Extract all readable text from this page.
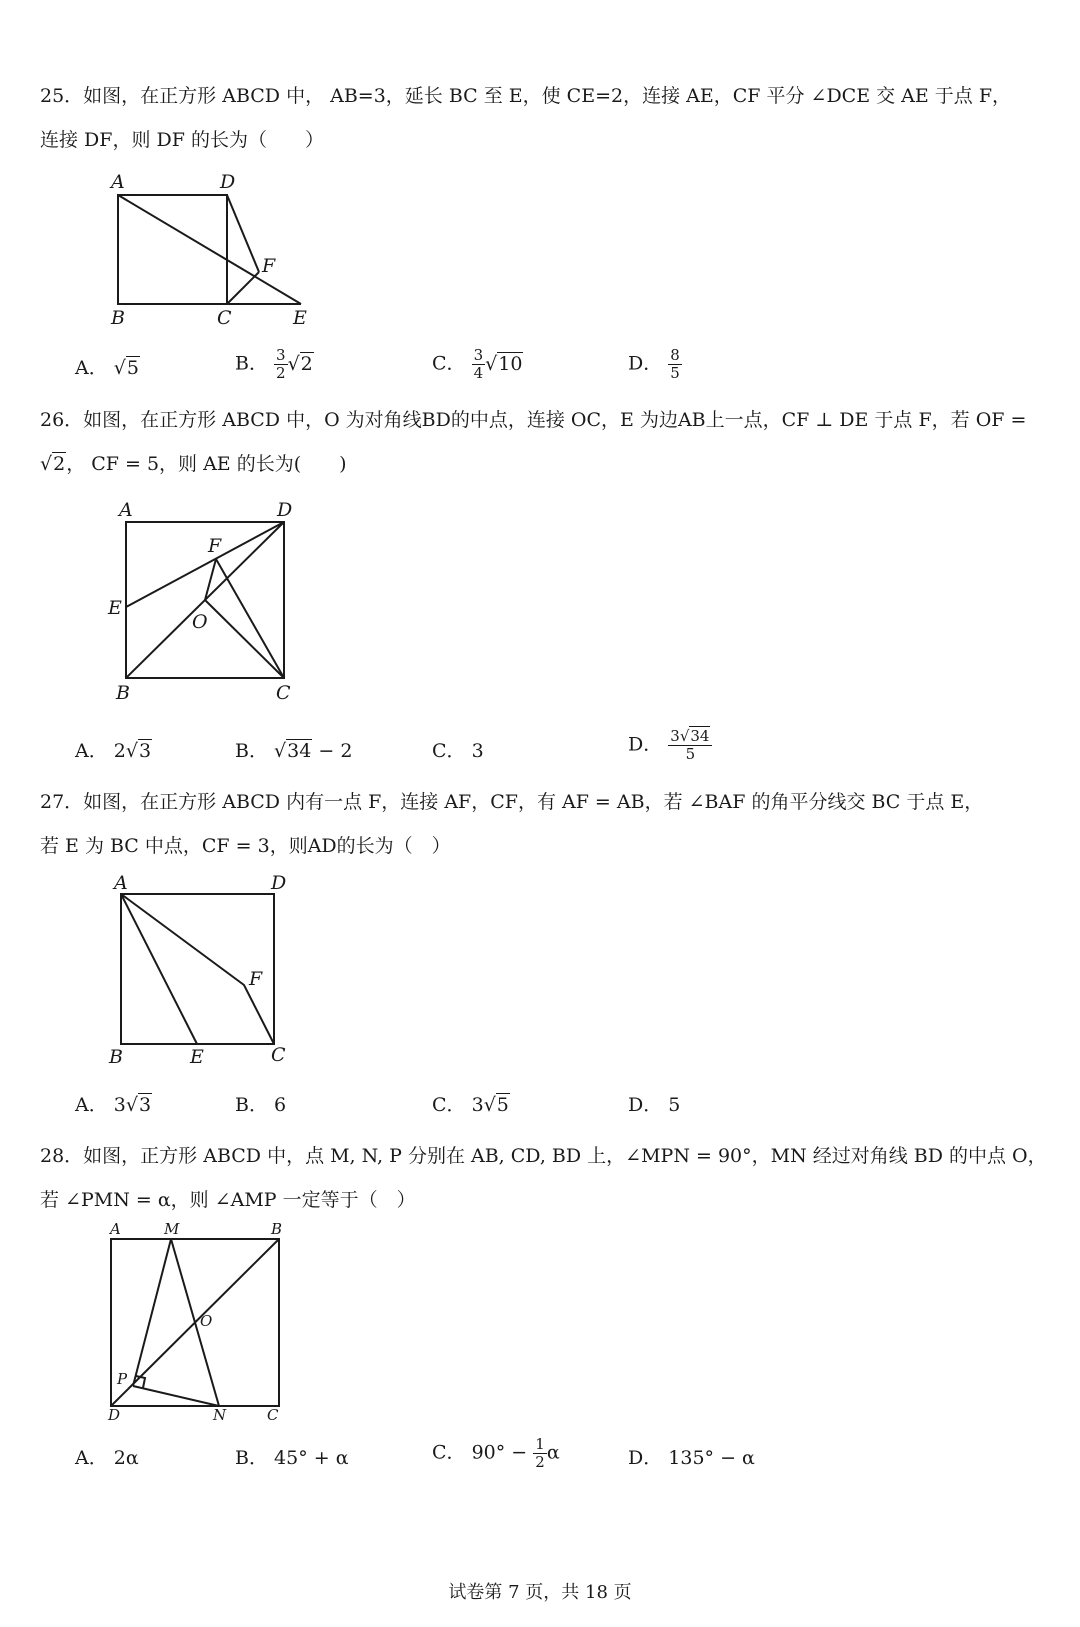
25．如图，在正方形 ABCD 中， AB=3，延长 BC 至 E，使 CE=2，连接 AE，CF 平分 ∠DCE 交 AE 于点 F，
连接 DF，则 DF 的长为（　　）
A	D
B	C	E
F
A． √5	B． $\frac{3}{2} √2$	C． $\frac{3}{4} √10$	D． $\frac{8}{5}$
26．如图，在正方形 ABCD 中，O 为对角线BD的中点，连接 OC，E 为边AB上一点，CF ⊥ DE 于点 F，若 OF =
√2， CF = 5，则 AE 的长为(　　)
A	D
B	C
E
F
O
A． 2√3	B． √34 − 2	C． 3	D． $\frac{3√34}{5}$
27．如图，在正方形 ABCD 内有一点 F，连接 AF，CF，有 AF = AB，若 ∠BAF 的角平分线交 BC 于点 E，
若 E 为 BC 中点，CF = 3，则AD的长为（　）
A	D
B	E	C
F
A． 3√3	B． 6	C． 3√5	D． 5
28．如图，正方形 ABCD 中，点 M, N, P 分别在 AB, CD, BD 上，∠MPN = 90°，MN 经过对角线 BD 的中点 O，
若 ∠PMN = α，则 ∠AMP 一定等于（　）
A	M	B
O
P
D	N	C
A． 2α	B． 45° + α	C． $90^\circ - \frac{1}{2}$ α	D． 135° − α
试卷第 7 页，共 18 页
